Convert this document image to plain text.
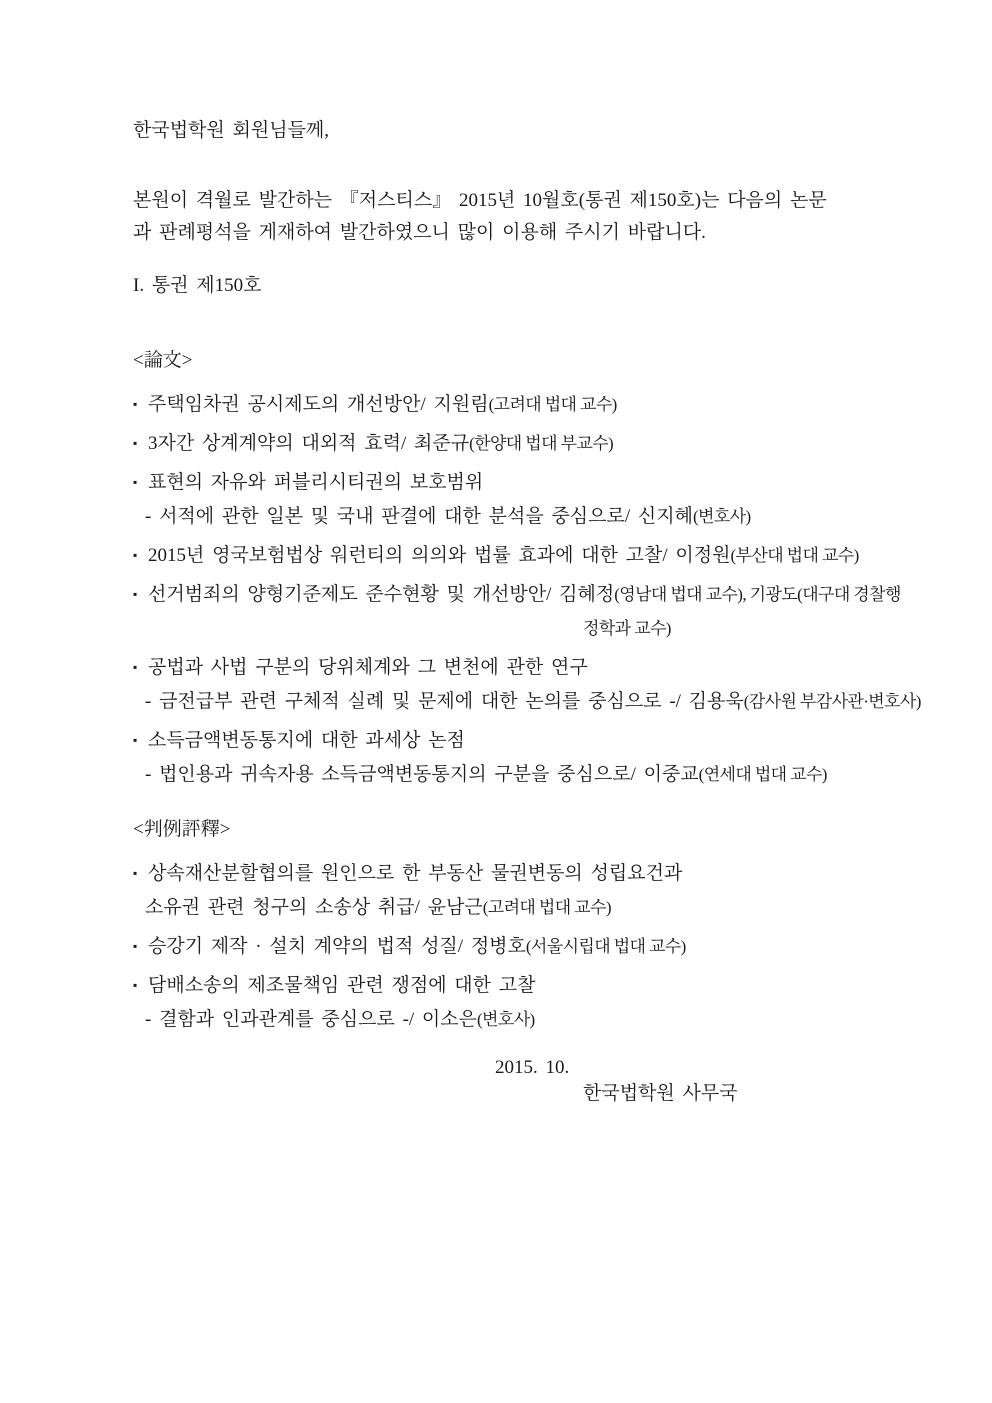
한국법학원 회원님들께,

본원이 격월로 발간하는 『저스티스』 2015년 10월호(통권 제150호)는 다음의 논문

과 판례평석을 게재하여 발간하였으니 많이 이용해 주시기 바랍니다.

I. 통권 제150호

<論文>

▪ 주택임차권 공시제도의 개선방안/ 지원림(고려대 법대 교수)
▪ 3자간 상계계약의 대외적 효력/ 최준규(한양대 법대 부교수)
▪ 표현의 자유와 퍼블리시티권의 보호범위
- 서적에 관한 일본 및 국내 판결에 대한 분석을 중심으로/ 신지혜(변호사)
▪ 2015년 영국보험법상 워런티의 의의와 법률 효과에 대한 고찰/ 이정원(부산대 법대 교수)
▪ 선거범죄의 양형기준제도 준수현황 및 개선방안/ 김혜정(영남대 법대 교수), 기광도(대구대 경찰행
정학과 교수)
▪ 공법과 사법 구분의 당위체계와 그 변천에 관한 연구
- 금전급부 관련 구체적 실례 및 문제에 대한 논의를 중심으로 -/ 김용욱(감사원 부감사관·변호사)
▪ 소득금액변동통지에 대한 과세상 논점
- 법인용과 귀속자용 소득금액변동통지의 구분을 중심으로/ 이중교(연세대 법대 교수)

<判例評釋>

▪ 상속재산분할협의를 원인으로 한 부동산 물권변동의 성립요건과
소유권 관련 청구의 소송상 취급/ 윤남근(고려대 법대 교수)
▪ 승강기 제작 · 설치 계약의 법적 성질/ 정병호(서울시립대 법대 교수)
▪ 담배소송의 제조물책임 관련 쟁점에 대한 고찰
- 결함과 인과관계를 중심으로 -/ 이소은(변호사)

2015. 10.

한국법학원 사무국
